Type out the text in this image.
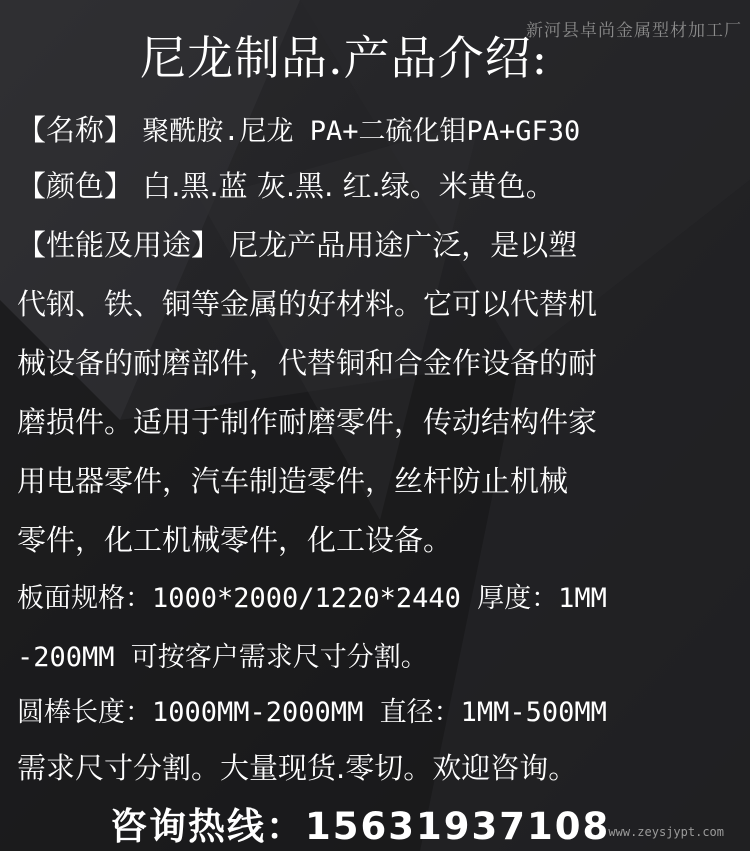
新河县卓尚金属型材加工厂
尼龙制品.产品介绍:
【名称】 聚酰胺.尼龙 PA+二硫化钼PA+GF30
【颜色】 白.黑.蓝 灰.黑. 红.绿。米黄色。
【性能及用途】 尼龙产品用途广泛，是以塑
代钢、铁、铜等金属的好材料。它可以代替机
械设备的耐磨部件，代替铜和合金作设备的耐
磨损件。适用于制作耐磨零件，传动结构件家
用电器零件，汽车制造零件，丝杆防止机械
零件，化工机械零件，化工设备。
板面规格：1000*2000/1220*2440 厚度：1MM
-200MM 可按客户需求尺寸分割。
圆棒长度：1000MM-2000MM 直径：1MM-500MM
需求尺寸分割。大量现货.零切。欢迎咨询。
咨询热线：15631937108
www.zeysjypt.com
